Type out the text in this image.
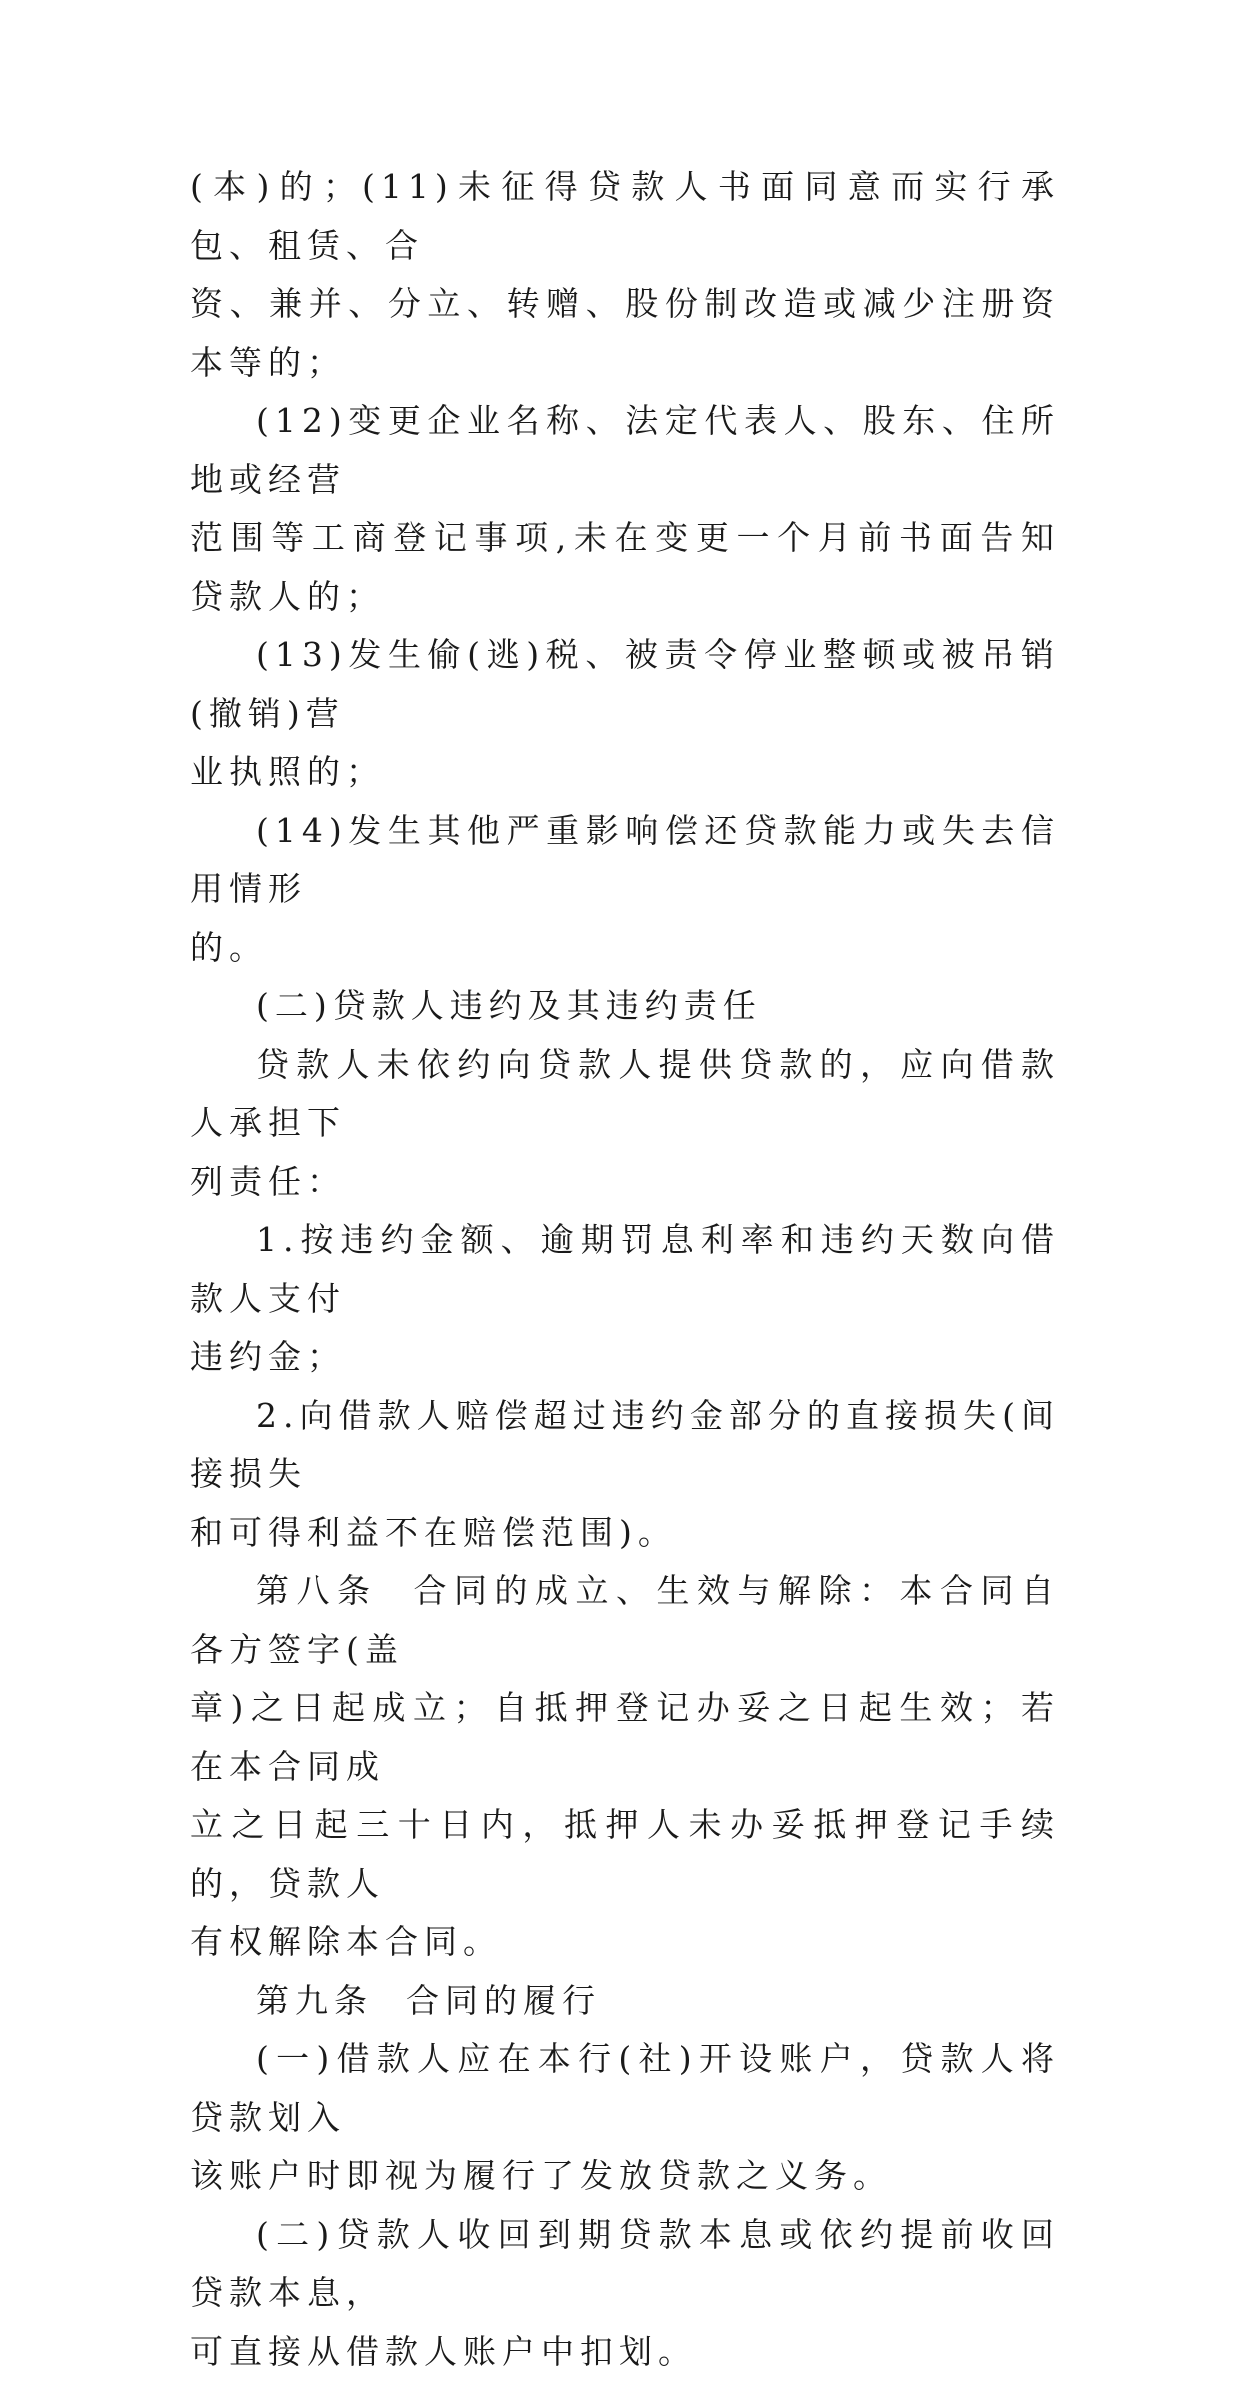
(本)的；(11)未征得贷款人书面同意而实行承包、租赁、合

资、兼并、分立、转赠、股份制改造或减少注册资本等的；

(12)变更企业名称、法定代表人、股东、住所地或经营

范围等工商登记事项,未在变更一个月前书面告知贷款人的；

(13)发生偷(逃)税、被责令停业整顿或被吊销(撤销)营

业执照的；

(14)发生其他严重影响偿还贷款能力或失去信用情形

的。

(二)贷款人违约及其违约责任

贷款人未依约向贷款人提供贷款的，应向借款人承担下

列责任：

1.按违约金额、逾期罚息利率和违约天数向借款人支付

违约金；

2.向借款人赔偿超过违约金部分的直接损失(间接损失

和可得利益不在赔偿范围)。

第八条  合同的成立、生效与解除：本合同自各方签字(盖

章)之日起成立；自抵押登记办妥之日起生效；若在本合同成

立之日起三十日内，抵押人未办妥抵押登记手续的，贷款人

有权解除本合同。

第九条  合同的履行

(一)借款人应在本行(社)开设账户，贷款人将贷款划入

该账户时即视为履行了发放贷款之义务。

(二)贷款人收回到期贷款本息或依约提前收回贷款本息，

可直接从借款人账户中扣划。
